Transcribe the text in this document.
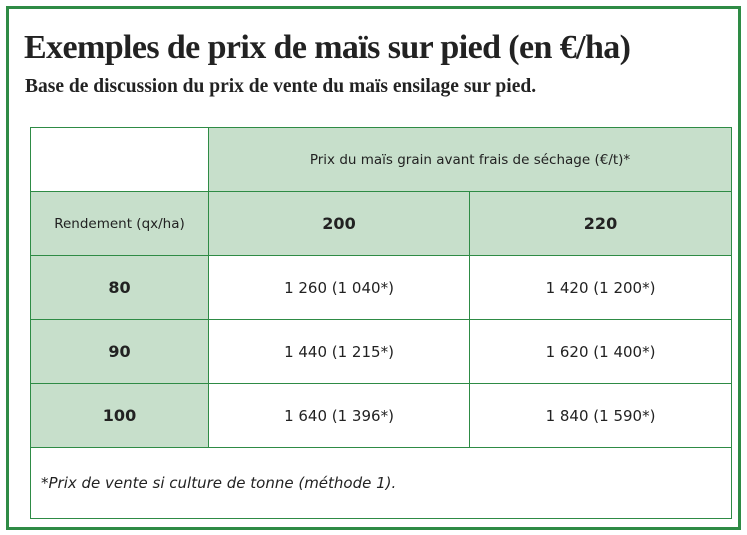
Exemples de prix de maïs sur pied (en €/ha)

Base de discussion du prix de vente du maïs ensilage sur pied.

	Prix du maïs grain avant frais de séchage (€/t)*	
Rendement (qx/ha)	200	220
80	1 260 (1 040*)	1 420 (1 200*)
90	1 440 (1 215*)	1 620 (1 400*)
100	1 640 (1 396*)	1 840 (1 590*)
*Prix de vente si culture de tonne (méthode 1).		
